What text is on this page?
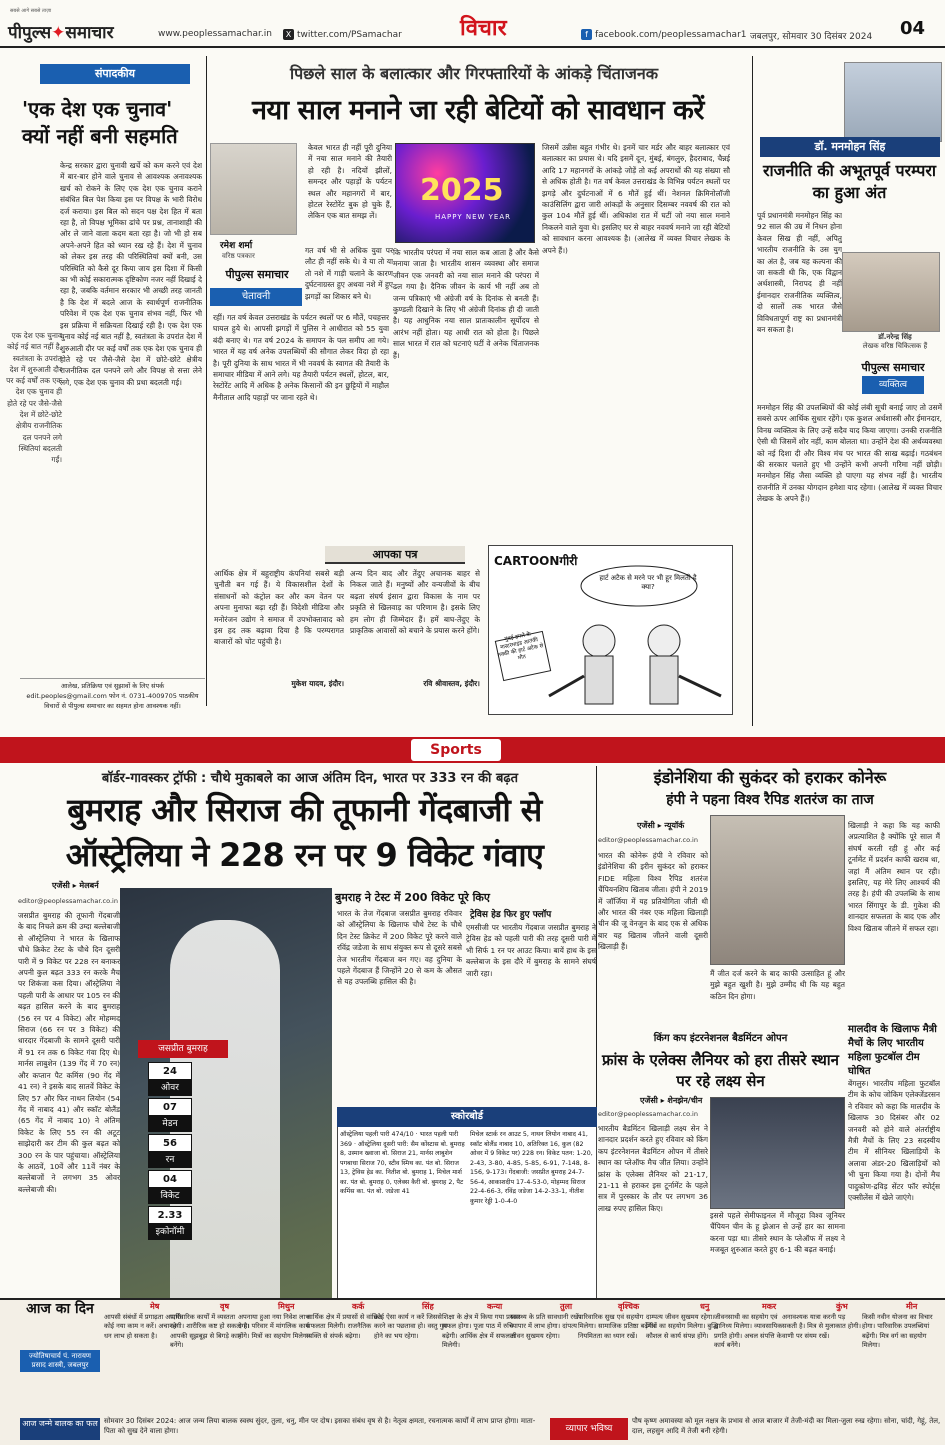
सबसे आगे सबसे ताज़ा
पीपुल्स✦समाचार	www.peoplessamachar.in	X twitter.com/PSamachar	विचार	f facebook.com/peoplessamachar1 जबलपुर, सोमवार 30 दिसंबर 2024 04
संपादकीय
'एक देश एक चुनाव' क्यों नहीं बनी सहमति
केन्द्र सरकार द्वारा चुनावी खर्चे को कम करने एवं देश में बार-बार होने वाले चुनाव से आवश्यक अनावश्यक खर्च को रोकने के लिए एक देश एक चुनाव कराने संबंधित बिल पेश किया इस पर विपक्ष के भारी विरोध दर्ज कराया। इस बिल को सदन पक्ष देश हित में बता रहा है, तो विपक्ष भूमिका ढांचे पर प्रश्न, तानाशाही की ओर ले जाने वाला कदम बता रहा है। जो भी हो सब अपने-अपने हित को ध्यान रख रहे हैं। देश में चुनाव को लेकर इस तरह की परिस्थितियां क्यों बनी, उस परिस्थिति को कैसे दूर किया जाय इस दिशा में किसी का भी कोई सकारात्मक दृष्टिकोण नजर नहीं दिखाई दे रहा है, जबकि वर्तमान सरकार भी अच्छी तरह जानती है कि देश में बदले आज के स्वार्थपूर्ण राजनीतिक परिवेश में एक देश एक चुनाव संभव नहीं, फिर भी इस प्रक्रिया में सक्रियता दिखाई रही है। एक देश एक चुनाव कोई नई बात नहीं है, स्वतंत्रता के उपरांत देश में शुरुआती दौर पर कई वर्षों तक एक देश एक चुनाव ही होते रहे पर जैसे-जैसे देश में छोटे-छोटे क्षेत्रीय राजनीतिक दल पनपने लगे और विपक्ष से सत्ता लेने लगे, एक देश एक चुनाव की प्रथा बदलती गई।
एक देश एक चुनाव कोई नई बात नहीं है, स्वतंत्रता के उपरांत देश में शुरुआती दौर पर कई वर्षों तक एक देश एक चुनाव ही होते रहे पर जैसे-जैसे देश में छोटे-छोटे क्षेत्रीय राजनीतिक दल पनपने लगे स्थितियां बदलती गईं।
आलेख, प्रतिक्रिया एवं सुझावों के लिए संपर्क edit.peoples@gmail.com फोन नं. 0731-4009705 पाठकीय विचारों से पीपुल्स समाचार का सहमत होना आवश्यक नहीं।
पिछले साल के बलात्कार और गिरफ्तारियों के आंकड़े चिंताजनक
नया साल मनाने जा रही बेटियों को सावधान करें
रमेश शर्मा
वरिष्ठ पत्रकार
पीपुल्स समाचार
चेतावनी
2025
HAPPY NEW YEAR
केवल भारत ही नहीं पूरी दुनिया में नया साल मनाने की तैयारी हो रही है। नदियों झीलों, समन्दर और पहाड़ों के पर्यटन स्थल और महानगरों में बार, होटल रेस्टोरेंट बुक हो चुके हैं, लेकिन एक बात समझ लें।
गत वर्ष भी से अधिक युवा पर लौट ही नहीं सके थे। वे या तो या तो नशे में गाड़ी चलाने के कारण दुर्घटनाग्रस्त हुए अथवा नशे में हुए झगड़ों का शिकार बने थे।
रहीं। गत वर्ष केवल उत्तराखंड के पर्यटन स्थलों पर 6 मौतें, पचहत्तर घायल हुये थे। आपसी झगड़ों में पुलिस ने आधीरात को 55 युवा बंदी बनाए थे। गत वर्ष 2024 के समापन के पल समीप आ गये। भारत में यह वर्ष अनेक उपलब्धियों की सौगात लेकर विदा हो रहा है। पूरी दुनिया के साथ भारत में भी नववर्ष के स्वागत की तैयारी के समाचार मीडिया में आने लगे। यह तैयारी पर्यटन स्थलों, होटल, बार, रेस्टोरेंट आदि में अधिक है अनेक किसानों की इन छुट्टियों में माहौल मैनीताल आदि पहाड़ों पर जाना रहते थे।
कि भारतीय परंपरा में नया साल कब आता है और कैसे मनाया जाता है। भारतीय शासन व्यवस्था और समाज जीवन एक जनवरी को नया साल मनाने की परंपरा में ढल गया है। दैनिक जीवन के कार्य भी नहीं अब तो जन्म पत्रिकाएं भी अंग्रेजी वर्ष के दिनांक से बनती हैं। कुण्डली दिखाने के लिए भी अंग्रेजी दिनांक ही दी जाती है। यह आधुनिक नया साल प्रातःकालीन सूर्योदय से आरंभ नहीं होता। यह आधी रात को होता है। पिछले साल भारत में रात को घटनाएं घटीं वे अनेक चिंताजनक हैं।
जिसमें उन्नीस बहुत गंभीर थे। इनमें चार मर्डर और बाहर बलात्कार एवं बलात्कार का प्रयास थे। यदि इसमें दून, मुंबई, बंगलुरु, हैदराबाद, चैन्नई आदि 17 महानगरों के आंकड़े जोड़ें तो कई अपराधों की यह संख्या सौ से अधिक होती है। गत वर्ष केवल उत्तराखंड के विभिन्न पर्यटन स्थलों पर झगड़े और दुर्घटनाओं में 6 मौतें हुई थीं। नेशनल क्रिमिनोलॉजी काउंसिलिंग द्वारा जारी आंकड़ों के अनुसार दिसम्बर नववर्ष की रात को कुल 104 मौतें हुई थीं। अधिकांश रात में घटीं जो नया साल मनाने निकलने वाले युवा थे। इसलिए घर से बाहर नववर्ष मनाने जा रही बेटियों को सावधान करना आवश्यक है। (आलेख में व्यक्त विचार लेखक के अपने हैं।)
आपका पत्र
आर्थिक क्षेत्र में बहुराष्ट्रीय कंपनियां सबसे बड़ी चुनौती बन गई हैं। ये विकासशील देशों के संसाधनों को कंट्रोल कर और कम वेतन पर अपना मुनाफा बढ़ा रही हैं। विदेशी मीडिया और मनोरंजन उद्योग ने समाज में उपभोक्तावाद को इस हद तक बढ़ावा दिया है कि परम्परागत बाजारों को चोट पहुंची है।
मुकेश यादव, इंदौर।
अन्य दिन बाद और तेंदुए अचानक बाहर से निकल जाते हैं। मनुष्यों और वन्यजीवों के बीच बढ़ता संघर्ष इंसान द्वारा विकास के नाम पर प्रकृति से खिलवाड़ का परिणाम है। इसके लिए हम लोग ही जिम्मेदार हैं। हमें बाघ-तेंदुए के प्राकृतिक आवासों को बचाने के प्रयास करने होंगे।
रवि श्रीवास्तव, इंदौर।
CARTOONगीरी
हार्ट अटैक से मरने पर भी हूर मिलती है क्या?
मुंबई हमले के मास्टरमाइंड आतंकी मक्की की हार्ट अटैक से मौत
डॉ. मनमोहन सिंह
राजनीति की अभूतपूर्व परम्परा का हुआ अंत
पूर्व प्रधानमंत्री मनमोहन सिंह का 92 साल की उम्र में निधन होना केवल सिख ही नहीं, अपितु भारतीय राजनीति के उस युग का अंत है, जब यह कल्पना की जा सकती थी कि, एक विद्वान अर्थशास्त्री, निरापद ही नहीं ईमानदार राजनीतिक व्यक्तित्व, दो सालों तक भारत जैसे विविधतापूर्ण राष्ट्र का प्रधानमंत्री बन सकता है।
डॉ.नरेन्द्र सिंह
लेखक वरिष्ठ चिकित्सक हैं
पीपुल्स समाचार
व्यक्तित्व
मनमोहन सिंह की उपलब्धियों की कोई लंबी सूची बनाई जाए तो उसमें सबसे ऊपर आर्थिक सुधार रहेंगे। एक कुशल अर्थशास्त्री और ईमानदार, विनम्र व्यक्तित्व के लिए उन्हें सदैव याद किया जाएगा। उनकी राजनीति ऐसी थी जिसमें शोर नहीं, काम बोलता था। उन्होंने देश की अर्थव्यवस्था को नई दिशा दी और विश्व मंच पर भारत की साख बढ़ाई। गठबंधन की सरकार चलाते हुए भी उन्होंने कभी अपनी गरिमा नहीं छोड़ी। मनमोहन सिंह जैसा व्यक्ति हो पाएगा यह संभव नहीं है। भारतीय राजनीति में उनका योगदान हमेशा याद रहेगा। (आलेख में व्यक्त विचार लेखक के अपने हैं।)
Sports
बॉर्डर-गावस्कर ट्रॉफी : चौथे मुकाबले का आज अंतिम दिन, भारत पर 333 रन की बढ़त
बुमराह और सिराज की तूफानी गेंदबाजी से
ऑस्ट्रेलिया ने 228 रन पर 9 विकेट गंवाए
एजेंसी ▸ मेलबर्न
editor@peoplessamachar.co.in
जसप्रीत बुमराह की तूफानी गेंदबाजी के बाद निचले क्रम की उम्दा बल्लेबाजी से ऑस्ट्रेलिया ने भारत के खिलाफ चौथे क्रिकेट टेस्ट के चौथे दिन दूसरी पारी में 9 विकेट पर 228 रन बनाकर अपनी कुल बढ़त 333 रन करके मैच पर शिकंजा कस दिया। ऑस्ट्रेलिया ने पहली पारी के आधार पर 105 रन की बढ़त हासिल करने के बाद बुमराह (56 रन पर 4 विकेट) और मोहम्मद सिराज (66 रन पर 3 विकेट) की धारदार गेंदबाजी के सामने दूसरी पारी में 91 रन तक 6 विकेट गंवा दिए थे। मार्नस लाबुशेन (139 गेंद में 70 रन) और कप्तान पैट कमिंस (90 गेंद में 41 रन) ने इसके बाद सातवें विकेट के लिए 57 और फिर नाथन लियोन (54 गेंद में नाबाद 41) और स्कॉट बोलैंड (65 गेंद में नाबाद 10) ने अंतिम विकेट के लिए 55 रन की अटूट साझेदारी कर टीम की कुल बढ़त को 300 रन के पार पहुंचाया। ऑस्ट्रेलिया के आठवें, 10वें और 11वें नंबर के बल्लेबाजों ने लगभग 35 ओवर बल्लेबाजी की।
जसप्रीत बुमराह
24
ओवर
07
मेडन
56
रन
04
विकेट
2.33
इकोनॉमी
बुमराह ने टेस्ट में 200 विकेट पूरे किए
भारत के तेज गेंदबाज जसप्रीत बुमराह रविवार को ऑस्ट्रेलिया के खिलाफ चौथे टेस्ट के चौथे दिन टेस्ट क्रिकेट में 200 विकेट पूरे करने वाले रविंद्र जडेजा के साथ संयुक्त रूप से दूसरे सबसे तेज भारतीय गेंदबाज बन गए। वह दुनिया के पहले गेंदबाज हैं जिन्होंने 20 से कम के औसत से यह उपलब्धि हासिल की है।
ट्रेविस हेड फिर हुए फ्लॉप
एमसीजी पर भारतीय गेंदबाज जसप्रीत बुमराह ने ट्रेविस हेड को पहली पारी की तरह दूसरी पारी में भी सिर्फ 1 रन पर आउट किया। बायें हाथ के इस बल्लेबाज के इस दौरे में बुमराह के सामने संघर्ष जारी रहा।
स्कोरबोर्ड
ऑस्ट्रेलिया पहली पारी 474/10 · भारत पहली पारी 369 · ऑस्ट्रेलिया दूसरी पारी: सैम कोंस्टास बो. बुमराह 8, उस्मान ख्वाजा बो. सिराज 21, मार्नस लाबुशेन पगबाधा सिराज 70, स्टीव स्मिथ का. पंत बो. सिराज 13, ट्रेविस हेड का. नितीश बो. बुमराह 1, मिचेल मार्श का. पंत बो. बुमराह 0, एलेक्स कैरी बो. बुमराह 2, पैट कमिंस का. पंत बो. जडेजा 41
मिचेल स्टार्क रन आउट 5, नाथन लियोन नाबाद 41, स्कॉट बोलैंड नाबाद 10, अतिरिक्त 16, कुल (82 ओवर में 9 विकेट पर) 228 रन। विकेट पतन: 1-20, 2-43, 3-80, 4-85, 5-85, 6-91, 7-148, 8-156, 9-173। गेंदबाजी: जसप्रीत बुमराह 24-7-56-4, आकाशदीप 17-4-53-0, मोहम्मद सिराज 22-4-66-3, रविंद्र जडेजा 14-2-33-1, नीतीश कुमार रेड्डी 1-0-4-0
इंडोनेशिया की सुकंदर को हराकर कोनेरू
हंपी ने पहना विश्व रैपिड शतरंज का ताज
एजेंसी ▸ न्यूयॉर्क
editor@peoplessamachar.co.in
भारत की कोनेरू हंपी ने रविवार को इंडोनेशिया की इरीन सुकंदर को हराकर FIDE महिला विश्व रैपिड शतरंज चैंपियनशिप खिताब जीता। हंपी ने 2019 में जॉर्जिया में यह प्रतियोगिता जीती थी और भारत की नंबर एक महिला खिलाड़ी चीन की जू वेनजुन के बाद एक से अधिक बार यह खिताब जीतने वाली दूसरी खिलाड़ी हैं।
मैं जीत दर्ज करने के बाद काफी उत्साहित हूं और मुझे बहुत खुशी है। मुझे उम्मीद थी कि यह बहुत कठिन दिन होगा।
खिलाड़ी ने कहा कि यह काफी अप्रत्याशित है क्योंकि पूरे साल मैं संघर्ष करती रही हूं और कई टूर्नामेंट में प्रदर्शन काफी खराब था, जहां मैं अंतिम स्थान पर रही। इसलिए, यह मेरे लिए आश्चर्य की तरह है। हंपी की उपलब्धि के साथ भारत सिंगापुर के डी. गुकेश की शानदार सफलता के बाद एक और विश्व खिताब जीतने में सफल रहा।
किंग कप इंटरनेशनल बैडमिंटन ओपन
फ्रांस के एलेक्स लैनियर को हरा तीसरे स्थान पर रहे लक्ष्य सेन
एजेंसी ▸ शेनझेन/चीन
editor@peoplessamachar.co.in
भारतीय बैडमिंटन खिलाड़ी लक्ष्य सेन ने शानदार प्रदर्शन करते हुए रविवार को किंग कप इंटरनेशनल बैडमिंटन ओपन में तीसरे स्थान का प्लेऑफ मैच जीत लिया। उन्होंने फ्रांस के एलेक्स लैनियर को 21-17, 21-11 से हराकर इस टूर्नामेंट के पहले सत्र में पुरस्कार के तौर पर लगभग 36 लाख रुपए हासिल किए।
इससे पहले सेमीफाइनल में मौजूदा विश्व जूनियर चैंपियन चीन के हू झेआन से उन्हें हार का सामना करना पड़ा था। तीसरे स्थान के प्लेऑफ में लक्ष्य ने मजबूत शुरुआत करते हुए 6-1 की बढ़त बनाई।
मालदीव के खिलाफ मैत्री मैचों के लिए भारतीय महिला फुटबॉल टीम घोषित
बेंगलुरु। भारतीय महिला फुटबॉल टीम के कोच जोकिम एलेक्जेंडरसन ने रविवार को कहा कि मालदीव के खिलाफ 30 दिसंबर और 02 जनवरी को होने वाले अंतर्राष्ट्रीय मैत्री मैचों के लिए 23 सदस्यीय टीम में सीनियर खिलाड़ियों के अलावा अंडर-20 खिलाड़ियों को भी चुना किया गया है। दोनों मैच पादुकोण-द्रविड़ सेंटर फॉर स्पोर्ट्स एक्सीलेंस में खेले जाएंगे।
आज का दिन
ज्योतिषाचार्य पं. नारायण प्रसाद शास्त्री, जबलपुर
मेष
आपसी संबंधों में प्रगाढ़ता आएगी। कोई नया काम न करें। अचानक धन लाभ हो सकता है।
वृष
पारिवारिक कार्यों में व्यस्तता रहेगी। शारीरिक कष्ट हो सकता है। आपकी सूझबूझ से बिगड़े काम बनेंगे।
मिथुन
अपनाया हुआ नया निवेश लाभ देगा। परिवार में मांगलिक कार्य होंगे। मित्रों का सहयोग मिलेगा।
कर्क
आर्थिक क्षेत्र में प्रयासों से वांछित सफलता मिलेगी। राजनैतिक व्यक्ति से संपर्क बढ़ेगा।
सिंह
कोई ऐसा कार्य न करें जिससे करने का पछतावा हो। वस्तु गुम होने का भय रहेगा।
कन्या
शिक्षा के क्षेत्र में किया गया प्रयास सफल होगा। पूजा पाठ में रुचि बढ़ेगी। आर्थिक क्षेत्र में सफलता मिलेगी।
तुला
स्वास्थ्य के प्रति सावधानी रखें। व्यापार में लाभ होगा। दांपत्य जीवन सुखमय रहेगा।
वृश्चिक
पारिवारिक सुख एवं सहयोग मिलेगा। सामाजिक प्रतिष्ठा बढ़ेगी। नियमितता का ध्यान रखें।
धनु
दाम्पत्य जीवन सुखमय रहेगा। मित्रों का सहयोग मिलेगा। बुद्धि कौशल से कार्य संपन्न होंगे।
मकर
जीवनसाथी का सहयोग एवं सानिध्य मिलेगा। व्यावसायिक प्रगति होगी। अचल संपत्ति के कार्य बनेंगे।
कुंभ
अनावश्यक यात्रा करनी पड़ सकती है। मित्र से मुलाकात होगी। वाणी पर संयम रखें।
मीन
किसी नवीन योजना का विचार होगा। पारिवारिक उपलब्धियां बढ़ेंगी। मित्र वर्ग का सहयोग मिलेगा।
आज जन्मे बालक का फल सोमवार 30 दिसंबर 2024: आज जन्म लिया बालक स्वस्थ सुंदर, तुला, धनु, मीन पर दोष। इसका संबंध वृष से है। नेतृत्व क्षमता, रचनात्मक कार्यों में लाभ प्राप्त होगा। माता-पिता को सुख देने वाला होगा।	व्यापार भविष्य
पौष कृष्ण अमावस्या को मूल नक्षत्र के प्रभाव से आज बाजार में तेजी-मंदी का मिला-जुला रुख रहेगा। सोना, चांदी, गेहूं, तेल, दाल, लहसुन आदि में तेजी बनी रहेगी।
